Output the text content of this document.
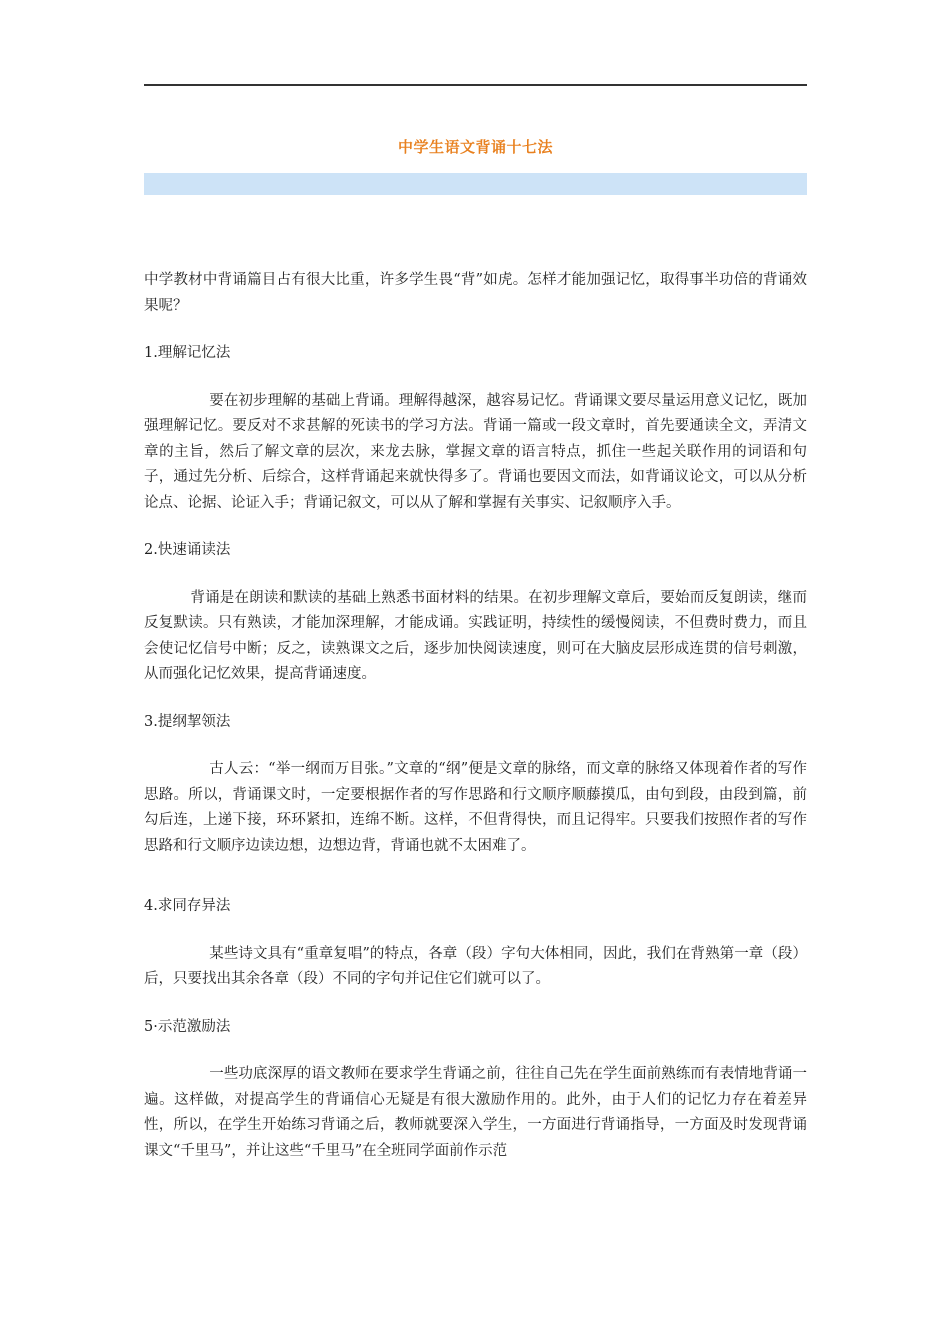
中学生语文背诵十七法

中学教材中背诵篇目占有很大比重，许多学生畏“背”如虎。怎样才能加强记忆，取得事半功倍的背诵效果呢？

1.理解记忆法

要在初步理解的基础上背诵。理解得越深，越容易记忆。背诵课文要尽量运用意义记忆，既加强理解记忆。要反对不求甚解的死读书的学习方法。背诵一篇或一段文章时，首先要通读全文，弄清文章的主旨，然后了解文章的层次，来龙去脉，掌握文章的语言特点，抓住一些起关联作用的词语和句子，通过先分析、后综合，这样背诵起来就快得多了。背诵也要因文而法，如背诵议论文，可以从分析论点、论据、论证入手；背诵记叙文，可以从了解和掌握有关事实、记叙顺序入手。

2.快速诵读法

背诵是在朗读和默读的基础上熟悉书面材料的结果。在初步理解文章后，要始而反复朗读，继而反复默读。只有熟读，才能加深理解，才能成诵。实践证明，持续性的缓慢阅读，不但费时费力，而且会使记忆信号中断；反之，读熟课文之后，逐步加快阅读速度，则可在大脑皮层形成连贯的信号刺激，从而强化记忆效果，提高背诵速度。

3.提纲挈领法

古人云：“举一纲而万目张。”文章的“纲”便是文章的脉络，而文章的脉络又体现着作者的写作思路。所以，背诵课文时，一定要根据作者的写作思路和行文顺序顺藤摸瓜，由句到段，由段到篇，前勾后连，上递下接，环环紧扣，连绵不断。这样，不但背得快，而且记得牢。只要我们按照作者的写作思路和行文顺序边读边想，边想边背，背诵也就不太困难了。

4.求同存异法

某些诗文具有“重章复唱”的特点，各章（段）字句大体相同，因此，我们在背熟第一章（段）后，只要找出其余各章（段）不同的字句并记住它们就可以了。

5·示范激励法

一些功底深厚的语文教师在要求学生背诵之前，往往自己先在学生面前熟练而有表情地背诵一遍。这样做，对提高学生的背诵信心无疑是有很大激励作用的。此外，由于人们的记忆力存在着差异性，所以，在学生开始练习背诵之后，教师就要深入学生，一方面进行背诵指导，一方面及时发现背诵课文“千里马”，并让这些“千里马”在全班同学面前作示范
